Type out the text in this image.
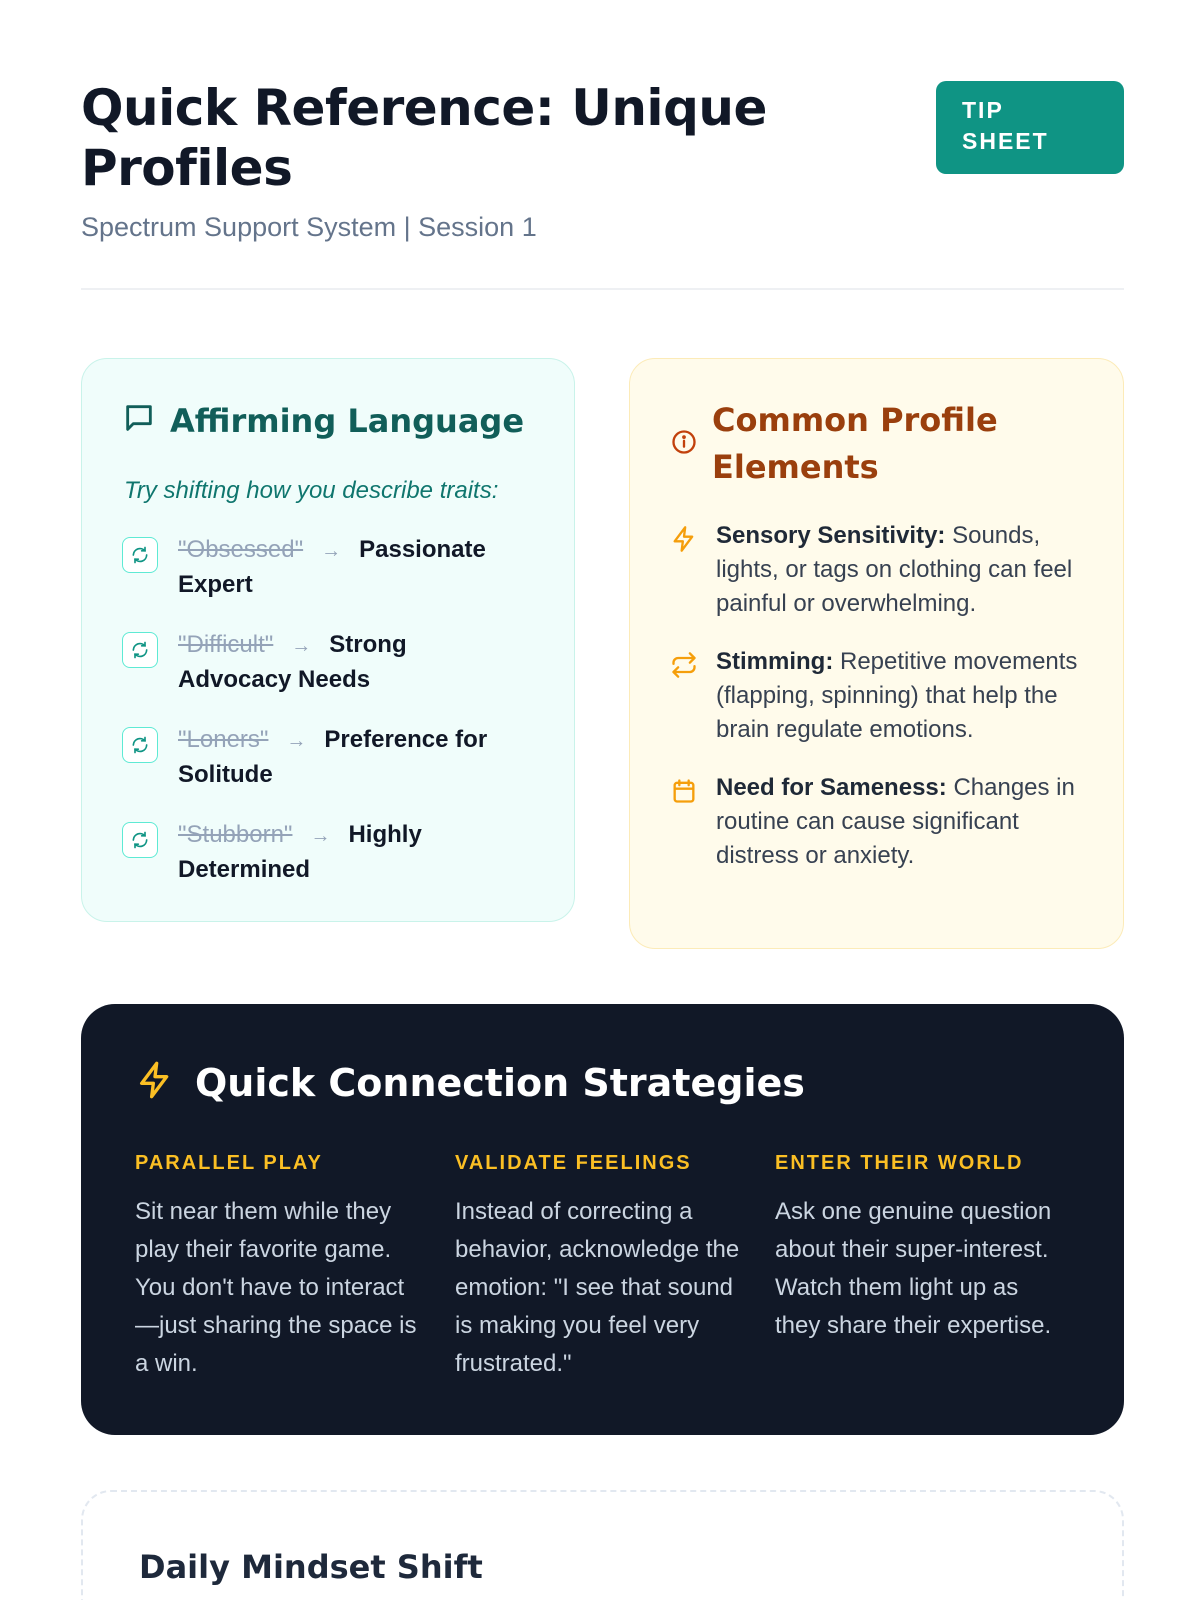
Quick Reference: Unique Profiles
Spectrum Support System | Session 1
TIP SHEET
Affirming Language
Try shifting how you describe traits:
"Obsessed" → Passionate Expert
"Difficult" → Strong Advocacy Needs
"Loners" → Preference for Solitude
"Stubborn" → Highly Determined
Common Profile Elements
Sensory Sensitivity: Sounds, lights, or tags on clothing can feel painful or overwhelming.
Stimming: Repetitive movements (flapping, spinning) that help the brain regulate emotions.
Need for Sameness: Changes in routine can cause significant distress or anxiety.
Quick Connection Strategies
PARALLEL PLAY
Sit near them while they play their favorite game. You don't have to interact—just sharing the space is a win.
VALIDATE FEELINGS
Instead of correcting a behavior, acknowledge the emotion: "I see that sound is making you feel very frustrated."
ENTER THEIR WORLD
Ask one genuine question about their super-interest. Watch them light up as they share their expertise.
Daily Mindset Shift
